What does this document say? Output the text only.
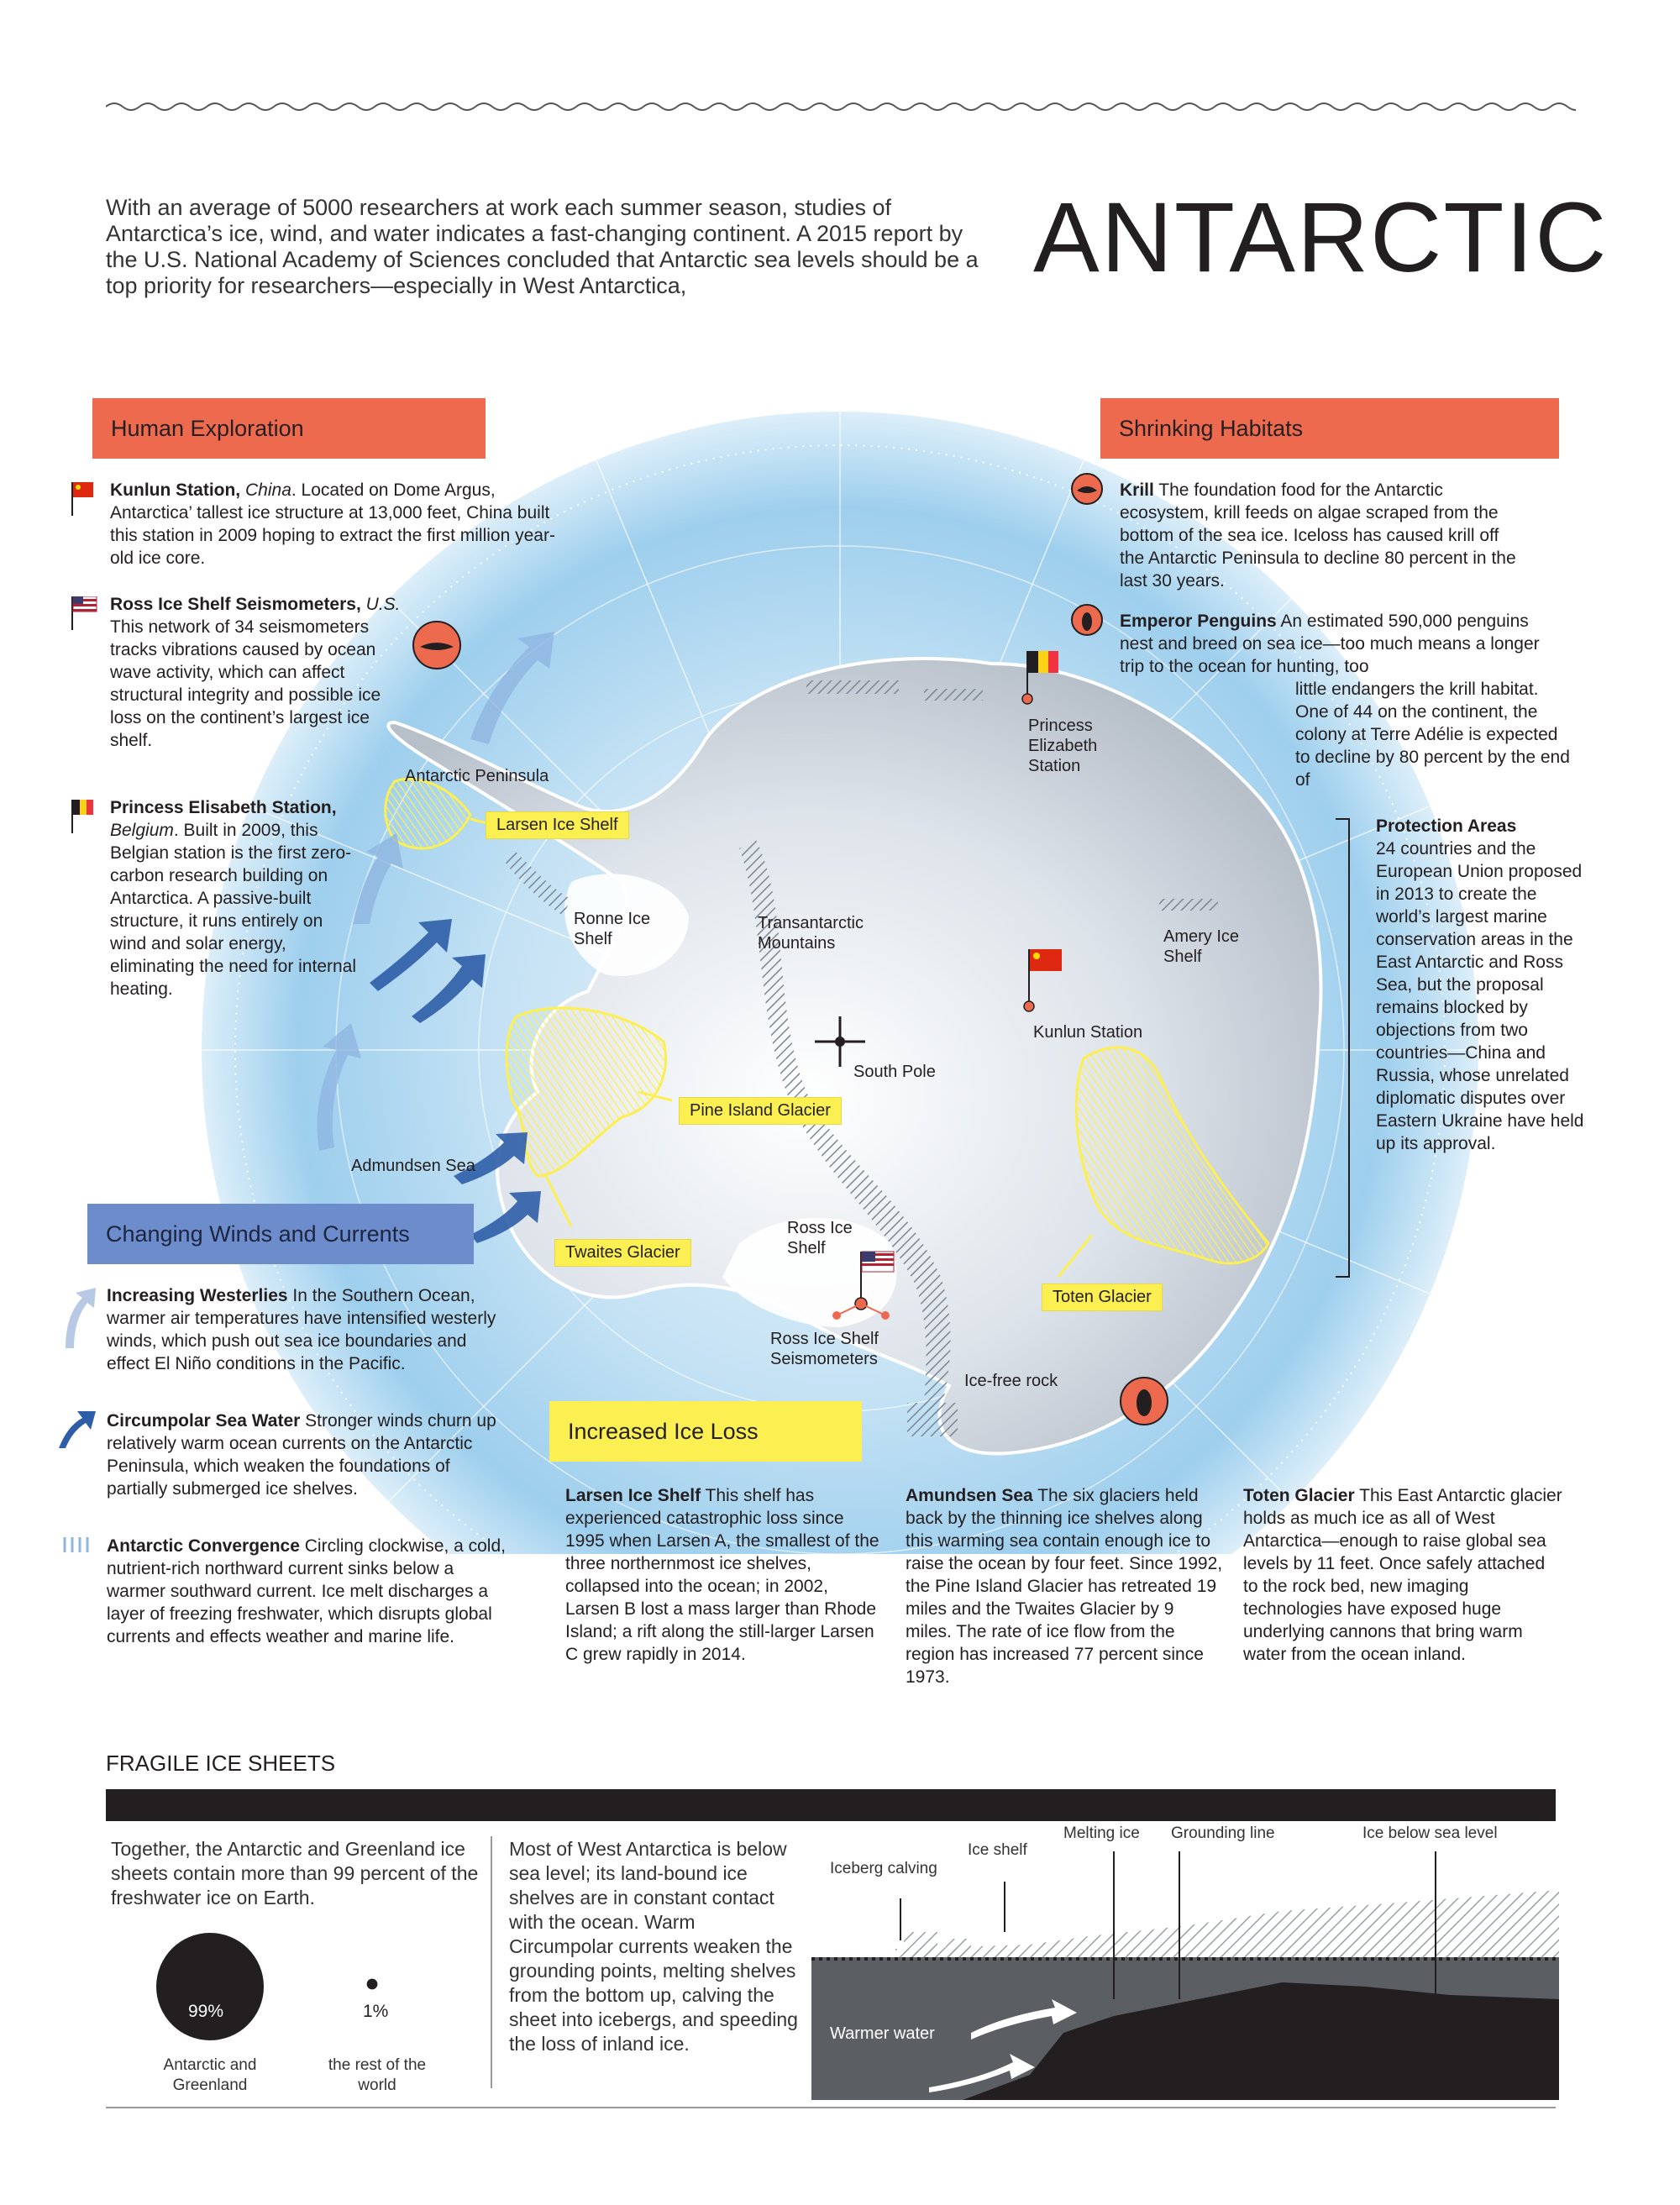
With an average of 5000 researchers at work each summer season, studies of Antarctica’s ice, wind, and water indicates a fast-changing continent. A 2015 report by the U.S. National Academy of Sciences concluded that Antarctic sea levels should be a top priority for researchers—especially in West Antarctica,	ANTARCTIC
Antarctic Peninsula
Larsen Ice Shelf
Ronne Ice Shelf
Transantarctic Mountains
Princess Elizabeth Station
Amery Ice Shelf
Kunlun Station
South Pole
Pine Island Glacier
Admundsen Sea
Twaites Glacier
Ross Ice Shelf
Ross Ice Shelf Seismometers
Toten Glacier
Ice-free rock
Human Exploration
Kunlun Station, China. Located on Dome Argus, Antarctica’ tallest ice structure at 13,000 feet, China built this station in 2009 hoping to extract the first million year-old ice core.
Ross Ice Shelf Seismometers, U.S. This network of 34 seismometers tracks vibrations caused by ocean wave activity, which can affect structural integrity and possible ice loss on the continent’s largest ice shelf.
Princess Elisabeth Station, Belgium. Built in 2009, this Belgian station is the first zero-carbon research building on Antarctica. A passive-built structure, it runs entirely on wind and solar energy, eliminating the need for internal heating.
Shrinking Habitats
Krill The foundation food for the Antarctic ecosystem, krill feeds on algae scraped from the bottom of the sea ice. Iceloss has caused krill off the Antarctic Peninsula to decline 80 percent in the last 30 years.
Emperor Penguins An estimated 590,000 penguins nest and breed on sea ice—too much means a longer trip to the ocean for hunting, too
little endangers the krill habitat. One of 44 on the continent, the colony at Terre Adélie is expected to decline by 80 percent by the end of
Protection Areas
24 countries and the European Union proposed in 2013 to create the world’s largest marine conservation areas in the East Antarctic and Ross Sea, but the proposal remains blocked by objections from two countries—China and Russia, whose unrelated diplomatic disputes over Eastern Ukraine have held up its approval.
Changing Winds and Currents
Increasing Westerlies In the Southern Ocean, warmer air temperatures have intensified westerly winds, which push out sea ice boundaries and effect El Niño conditions in the Pacific.
Circumpolar Sea Water Stronger winds churn up relatively warm ocean currents on the Antarctic Peninsula, which weaken the foundations of partially submerged ice shelves.
Antarctic Convergence Circling clockwise, a cold, nutrient-rich northward current sinks below a warmer southward current. Ice melt discharges a layer of freezing freshwater, which disrupts global currents and effects weather and marine life.
Increased Ice Loss
Larsen Ice Shelf This shelf has experienced catastrophic loss since 1995 when Larsen A, the smallest of the three northernmost ice shelves, collapsed into the ocean; in 2002, Larsen B lost a mass larger than Rhode Island; a rift along the still-larger Larsen C grew rapidly in 2014.
Amundsen Sea The six glaciers held back by the thinning ice shelves along this warming sea contain enough ice to raise the ocean by four feet. Since 1992, the Pine Island Glacier has retreated 19 miles and the Twaites Glacier by 9 miles. The rate of ice flow from the region has increased 77 percent since 1973.
Toten Glacier This East Antarctic glacier holds as much ice as all of West Antarctica—enough to raise global sea levels by 11 feet. Once safely attached to the rock bed, new imaging technologies have exposed huge underlying cannons that bring warm water from the ocean inland.
FRAGILE ICE SHEETS
Together, the Antarctic and Greenland ice sheets contain more than 99 percent of the freshwater ice on Earth.
99%	1%
Antarctic and Greenland
the rest of the world
Most of West Antarctica is below sea level; its land-bound ice shelves are in constant contact with the ocean. Warm Circumpolar currents weaken the grounding points, melting shelves from the bottom up, calving the sheet into icebergs, and speeding the loss of inland ice.
Iceberg calving
Ice shelf
Melting ice Grounding line	Ice below sea level
Warmer water
